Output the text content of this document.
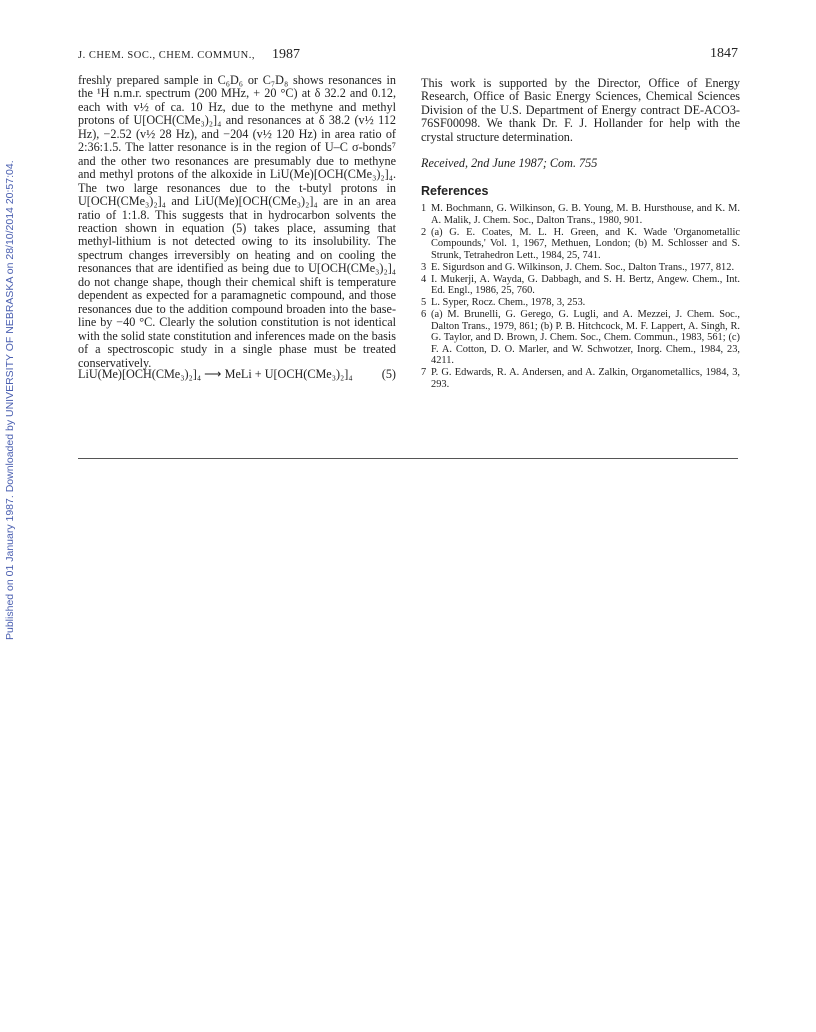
Published on 01 January 1987. Downloaded by UNIVERSITY OF NEBRASKA on 28/10/2014 20:57:04.
J. CHEM. SOC., CHEM. COMMUN., 1987	1847

freshly prepared sample in C₆D₆ or C₇D₈ shows resonances in the ¹H n.m.r. spectrum (200 MHz, + 20 °C) at δ 32.2 and 0.12, each with v½ of ca. 10 Hz, due to the methyne and methyl protons of U[OCH(CMe₃)₂]₄ and resonances at δ 38.2 (v½ 112 Hz), −2.52 (v½ 28 Hz), and −204 (v½ 120 Hz) in area ratio of 2:36:1.5. The latter resonance is in the region of U–C σ-bonds⁷ and the other two resonances are presumably due to methyne and methyl protons of the alkoxide in LiU(Me)[OCH(CMe₃)₂]₄. The two large resonances due to the t-butyl protons in U[OCH(CMe₃)₂]₄ and LiU(Me)[OCH(CMe₃)₂]₄ are in an area ratio of 1:1.8. This suggests that in hydrocarbon solvents the reaction shown in equation (5) takes place, assuming that methyl-lithium is not detected owing to its insolubility. The spectrum changes irreversibly on heating and on cooling the resonances that are identified as being due to U[OCH(CMe₃)₂]₄ do not change shape, though their chemical shift is temperature dependent as expected for a paramagnetic compound, and those resonances due to the addition compound broaden into the base-line by −40 °C. Clearly the solution constitution is not identical with the solid state constitution and inferences made on the basis of a spectroscopic study in a single phase must be treated conservatively.

LiU(Me)[OCH(CMe₃)₂]₄ ⟶ MeLi + U[OCH(CMe₃)₂]₄ (5)

This work is supported by the Director, Office of Energy Research, Office of Basic Energy Sciences, Chemical Sciences Division of the U.S. Department of Energy contract DE-ACO3-76SF00098. We thank Dr. F. J. Hollander for help with the crystal structure determination.

Received, 2nd June 1987; Com. 755

References
1 M. Bochmann, G. Wilkinson, G. B. Young, M. B. Hursthouse, and K. M. A. Malik, J. Chem. Soc., Dalton Trans., 1980, 901.
2 (a) G. E. Coates, M. L. H. Green, and K. Wade 'Organometallic Compounds,' Vol. 1, 1967, Methuen, London; (b) M. Schlosser and S. Strunk, Tetrahedron Lett., 1984, 25, 741.
3 E. Sigurdson and G. Wilkinson, J. Chem. Soc., Dalton Trans., 1977, 812.
4 I. Mukerji, A. Wayda, G. Dabbagh, and S. H. Bertz, Angew. Chem., Int. Ed. Engl., 1986, 25, 760.
5 L. Syper, Rocz. Chem., 1978, 3, 253.
6 (a) M. Brunelli, G. Gerego, G. Lugli, and A. Mezzei, J. Chem. Soc., Dalton Trans., 1979, 861; (b) P. B. Hitchcock, M. F. Lappert, A. Singh, R. G. Taylor, and D. Brown, J. Chem. Soc., Chem. Commun., 1983, 561; (c) F. A. Cotton, D. O. Marler, and W. Schwotzer, Inorg. Chem., 1984, 23, 4211.
7 P. G. Edwards, R. A. Andersen, and A. Zalkin, Organometallics, 1984, 3, 293.
